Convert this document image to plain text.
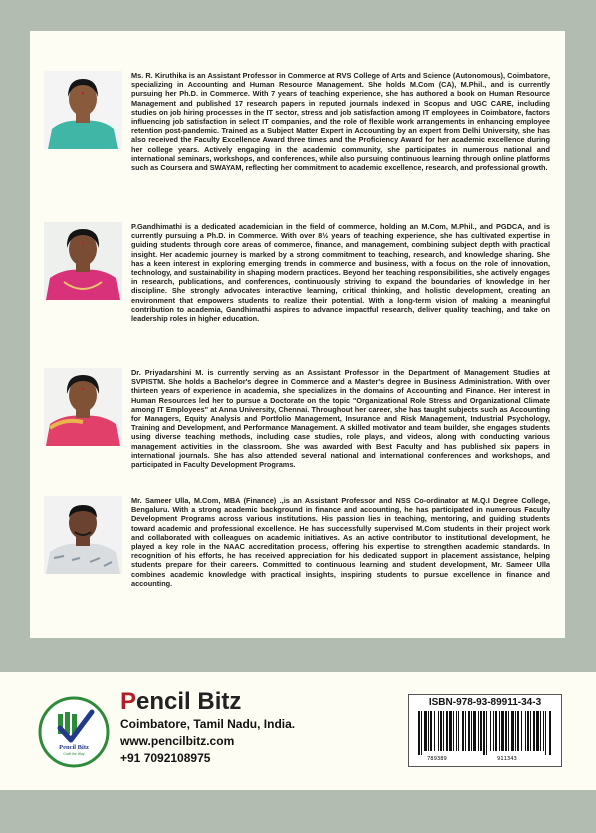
Ms. R. Kiruthika is an Assistant Professor in Commerce at RVS College of Arts and Science (Autonomous), Coimbatore, specializing in Accounting and Human Resource Management. She holds M.Com (CA), M.Phil., and is currently pursuing her Ph.D. in Commerce. With 7 years of teaching experience, she has authored a book on Human Resource Management and published 17 research papers in reputed journals indexed in Scopus and UGC CARE, including studies on job hiring processes in the IT sector, stress and job satisfaction among IT employees in Coimbatore, factors influencing job satisfaction in select IT companies, and the role of flexible work arrangements in enhancing employee retention post-pandemic. Trained as a Subject Matter Expert in Accounting by an expert from Delhi University, she has also received the Faculty Excellence Award three times and the Proficiency Award for her academic excellence during her college years. Actively engaging in the academic community, she participates in numerous national and international seminars, workshops, and conferences, while also pursuing continuous learning through online platforms such as Coursera and SWAYAM, reflecting her commitment to academic excellence, research, and professional growth.

P.Gandhimathi is a dedicated academician in the field of commerce, holding an M.Com, M.Phil., and PGDCA, and is currently pursuing a Ph.D. in Commerce. With over 8½ years of teaching experience, she has cultivated expertise in guiding students through core areas of commerce, finance, and management, combining subject depth with practical insight. Her academic journey is marked by a strong commitment to teaching, research, and knowledge sharing. She has a keen interest in exploring emerging trends in commerce and business, with a focus on the role of innovation, technology, and sustainability in shaping modern practices. Beyond her teaching responsibilities, she actively engages in research, publications, and conferences, continuously striving to expand the boundaries of knowledge in her discipline. She strongly advocates interactive learning, critical thinking, and holistic development, creating an environment that empowers students to realize their potential. With a long-term vision of making a meaningful contribution to academia, Gandhimathi aspires to advance impactful research, deliver quality teaching, and take on leadership roles in higher education.

Dr. Priyadarshini M. is currently serving as an Assistant Professor in the Department of Management Studies at SVPISTM. She holds a Bachelor's degree in Commerce and a Master's degree in Business Administration. With over thirteen years of experience in academia, she specializes in the domains of Accounting and Finance. Her interest in Human Resources led her to pursue a Doctorate on the topic "Organizational Role Stress and Organizational Climate among IT Employees" at Anna University, Chennai. Throughout her career, she has taught subjects such as Accounting for Managers, Equity Analysis and Portfolio Management, Insurance and Risk Management, Industrial Psychology, Training and Development, and Performance Management. A skilled motivator and team builder, she engages students using diverse teaching methods, including case studies, role plays, and videos, along with conducting various management activities in the classroom. She was awarded with Best Faculty and has published six papers in international journals. She has also attended several national and international conferences and workshops, and participated in Faculty Development Programs.

Mr. Sameer Ulla, M.Com, MBA (Finance) .,is an Assistant Professor and NSS Co-ordinator at M.Q.I Degree College, Bengaluru. With a strong academic background in finance and accounting, he has participated in numerous Faculty Development Programs across various institutions. His passion lies in teaching, mentoring, and guiding students toward academic and professional excellence. He has successfully supervised M.Com students in their project work and collaborated with colleagues on academic initiatives. As an active contributor to institutional development, he played a key role in the NAAC accreditation process, offering his expertise to strengthen academic standards. In recognition of his efforts, he has received appreciation for his dedicated support in placement assistance, helping students prepare for their careers. Committed to continuous learning and student development, Mr. Sameer Ulla combines academic knowledge with practical insights, inspiring students to pursue excellence in finance and accounting.

Pencil Bitz
Craft the Way

Pencil Bitz

Coimbatore, Tamil Nadu, India.

www.pencilbitz.com

+91 7092108975

ISBN-978-93-89911-34-3

789389	911343
